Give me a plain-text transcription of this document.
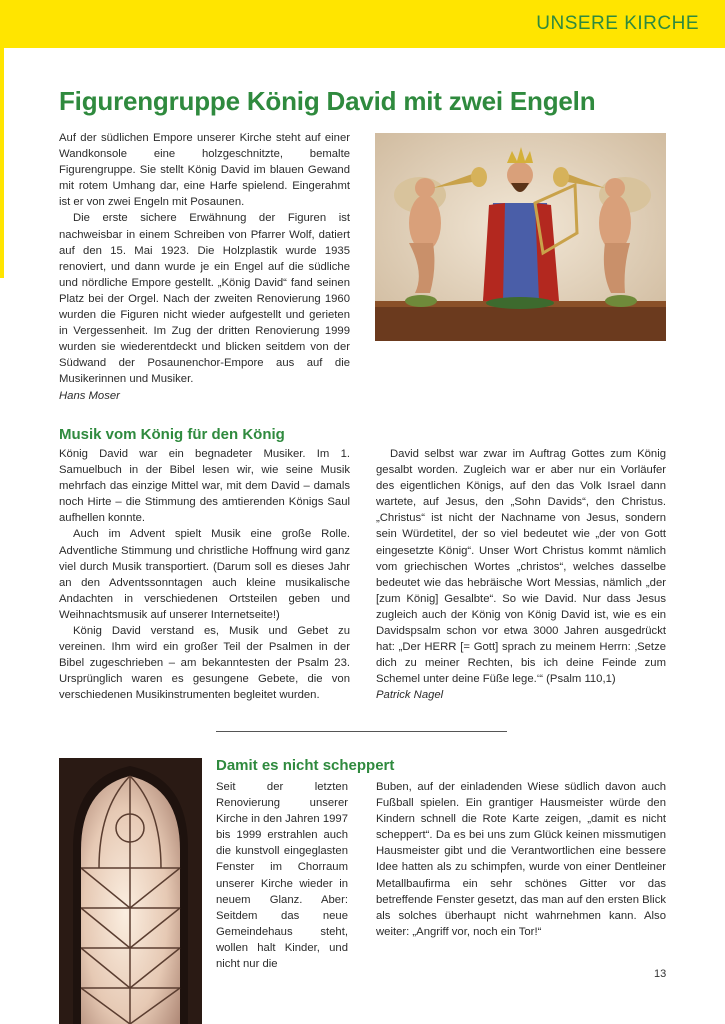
UNSERE KIRCHE
Figurengruppe König David mit zwei Engeln

Auf der südlichen Empore unserer Kirche steht auf einer Wandkonsole eine holzgeschnitzte, bemalte Figurengruppe. Sie stellt König David im blauen Gewand mit rotem Umhang dar, eine Harfe spielend. Eingerahmt ist er von zwei Engeln mit Posaunen.

Die erste sichere Erwähnung der Figuren ist nachweisbar in einem Schreiben von Pfarrer Wolf, datiert auf den 15. Mai 1923. Die Holzplastik wurde 1935 renoviert, und dann wurde je ein Engel auf die südliche und nördliche Empore gestellt. „König David“ fand seinen Platz bei der Orgel. Nach der zweiten Renovierung 1960 wurden die Figuren nicht wieder aufgestellt und gerieten in Vergessenheit. Im Zug der dritten Renovierung 1999 wurden sie wiederentdeckt und blicken seitdem von der Südwand der Posaunenchor-Empore aus auf die Musikerinnen und Musiker.

Hans Moser

Musik vom König für den König

König David war ein begnadeter Musiker. Im 1. Samuelbuch in der Bibel lesen wir, wie seine Musik mehrfach das einzige Mittel war, mit dem David – damals noch Hirte – die Stimmung des amtierenden Königs Saul aufhellen konnte.

Auch im Advent spielt Musik eine große Rolle. Adventliche Stimmung und christliche Hoffnung wird ganz viel durch Musik transportiert. (Darum soll es dieses Jahr an den Adventssonntagen auch kleine musikalische Andachten in verschiedenen Ortsteilen geben und Weihnachtsmusik auf unserer Internetseite!)

König David verstand es, Musik und Gebet zu vereinen. Ihm wird ein großer Teil der Psalmen in der Bibel zugeschrieben – am bekanntesten der Psalm 23. Ursprünglich waren es gesungene Gebete, die von verschiedenen Musikinstrumenten begleitet wurden.

David selbst war zwar im Auftrag Gottes zum König gesalbt worden. Zugleich war er aber nur ein Vorläufer des eigentlichen Königs, auf den das Volk Israel dann wartete, auf Jesus, den „Sohn Davids“, den Christus. „Christus“ ist nicht der Nachname von Jesus, sondern sein Würdetitel, der so viel bedeutet wie „der von Gott eingesetzte König“. Unser Wort Christus kommt nämlich vom griechischen Wortes „christos“, welches dasselbe bedeutet wie das hebräische Wort Messias, nämlich „der [zum König] Gesalbte“. So wie David. Nur dass Jesus zugleich auch der König von König David ist, wie es ein Davidspsalm schon vor etwa 3000 Jahren ausgedrückt hat: „Der HERR [= Gott] sprach zu meinem Herrn: ‚Setze dich zu meiner Rechten, bis ich deine Feinde zum Schemel unter deine Füße lege.‘“ (Psalm 110,1)

Patrick Nagel

Damit es nicht scheppert

Seit der letzten Renovierung unserer Kirche in den Jahren 1997 bis 1999 erstrahlen auch die kunstvoll eingeglasten Fenster im Chorraum unserer Kirche wieder in neuem Glanz. Aber: Seitdem das neue Gemeindehaus steht, wollen halt Kinder, und nicht nur die

Buben, auf der einladenden Wiese südlich davon auch Fußball spielen. Ein grantiger Hausmeister würde den Kindern schnell die Rote Karte zeigen, „damit es nicht scheppert“. Da es bei uns zum Glück keinen missmutigen Hausmeister gibt und die Verantwortlichen eine bessere Idee hatten als zu schimpfen, wurde von einer Dentleiner Metallbaufirma ein sehr schönes Gitter vor das betreffende Fenster gesetzt, das man auf den ersten Blick als solches überhaupt nicht wahrnehmen kann. Also weiter: „Angriff vor, noch ein Tor!“

13
